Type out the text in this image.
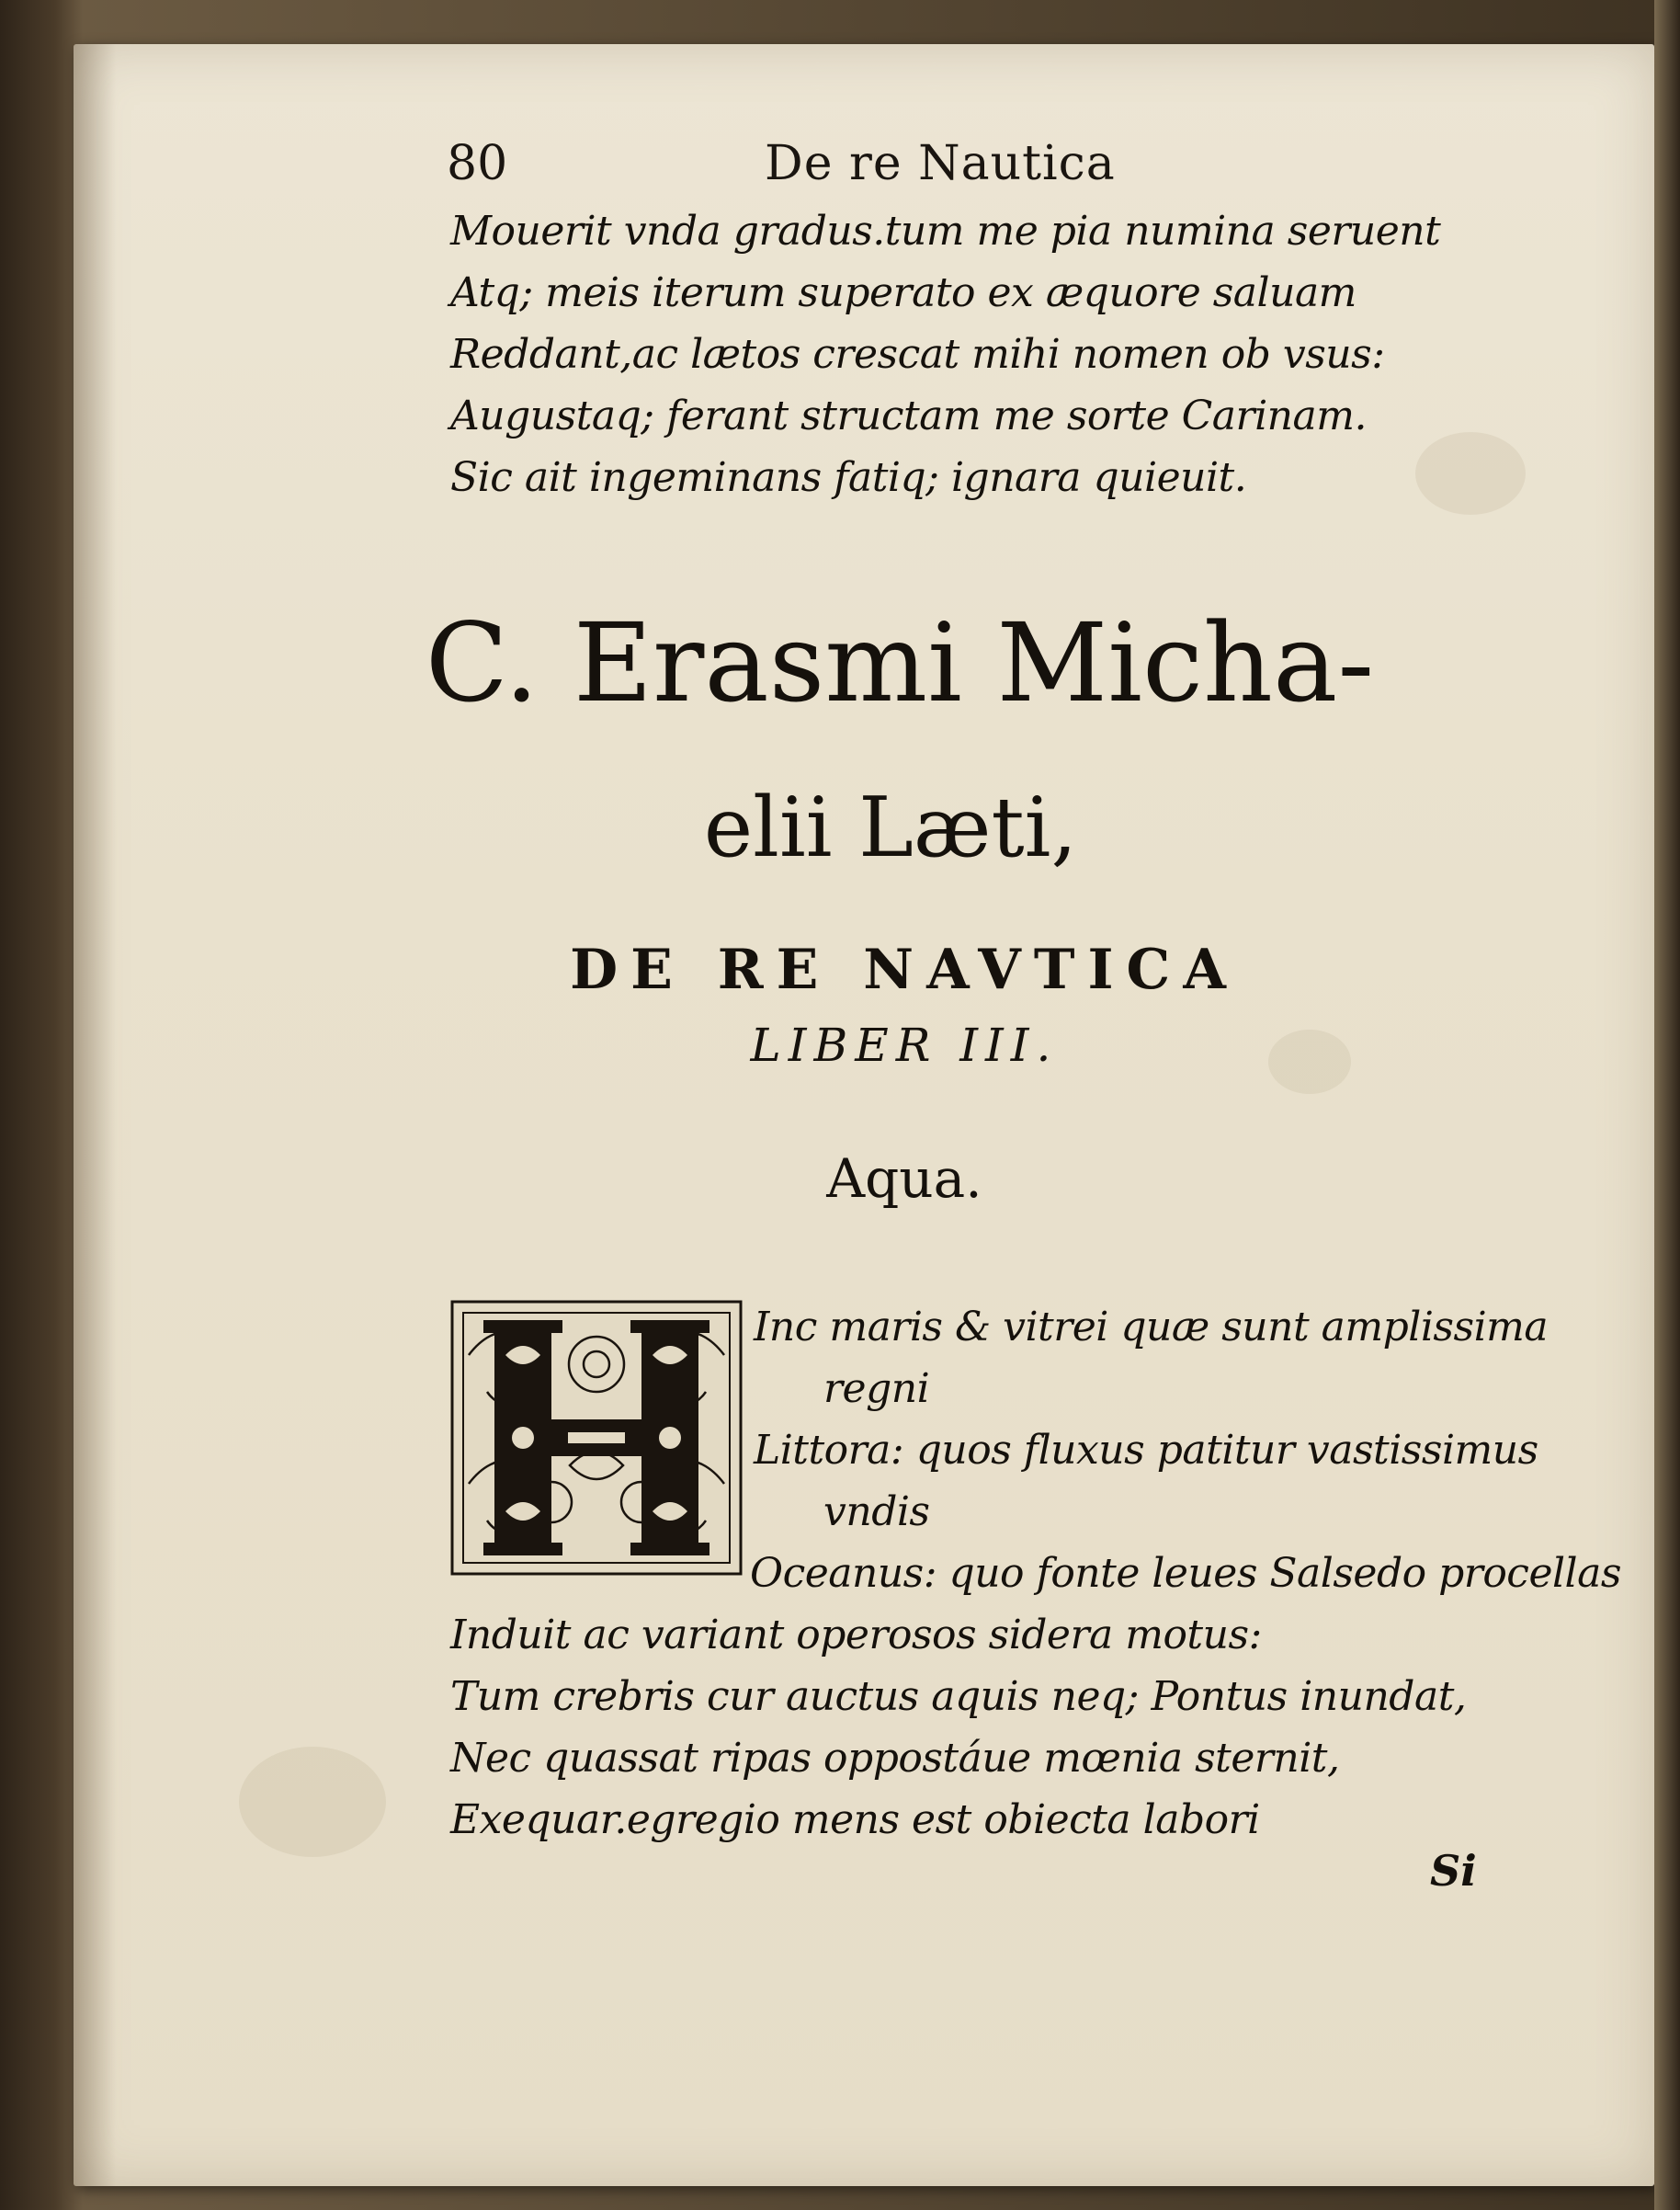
80	De re Nautica
Mouerit vnda gradus.tum me pia numina seruent
Atq; meis iterum superato ex æquore saluam
Reddant,ac lætos crescat mihi nomen ob vsus:
Augustaq; ferant structam me sorte Carinam.
Sic ait ingeminans fatiq; ignara quieuit.
C. Erasmi Micha-
elii Læti,
DE RE NAVTICA
LIBER III.
Aqua.
Inc maris & vitrei quæ sunt amplissima
regni
Littora: quos fluxus patitur vastissimus
vndis
Oceanus: quo fonte leues Salsedo procellas
Induit ac variant operosos sidera motus:
Tum crebris cur auctus aquis neq; Pontus inundat,
Nec quassat ripas oppostáue mœnia sternit,
Exequar.egregio mens est obiecta labori
Si
